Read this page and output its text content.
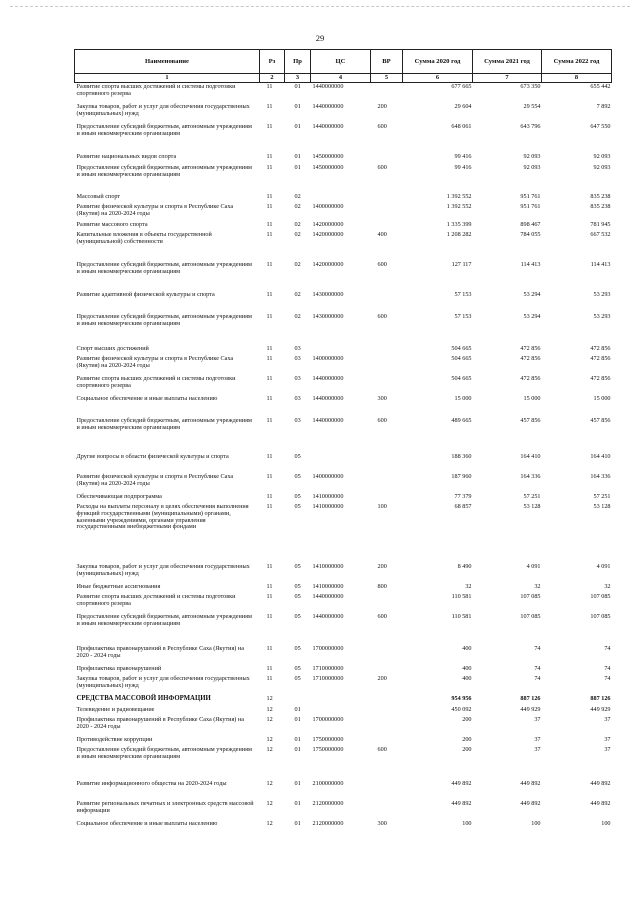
29
Наименование	Рз	Пр	ЦС	ВР	Сумма 2020 год	Сумма 2021 год	Сумма 2022 год
1	2	3	4	5	6	7	8
Развитие спорта высших достижений и системы подготовки спортивного резерва	11	01	1440000000		677 665	673 350	655 442
Закупка товаров, работ и услуг для обеспечения государственных (муниципальных) нужд	11	01	1440000000	200	29 604	29 554	7 892
Предоставление субсидий бюджетным, автономным учреждениям и иным некоммерческим организациям	11	01	1440000000	600	648 061	643 796	647 550
Развитие национальных видов спорта	11	01	1450000000		99 416	92 093	92 093
Предоставление субсидий бюджетным, автономным учреждениям и иным некоммерческим организациям	11	01	1450000000	600	99 416	92 093	92 093
Массовый спорт	11	02			1 392 552	951 761	835 238
Развитие физической культуры и спорта в Республике Саха (Якутия) на 2020-2024 годы	11	02	1400000000		1 392 552	951 761	835 238
Развитие массового спорта	11	02	1420000000		1 335 399	898 467	781 945
Капитальные вложения в объекты государственной (муниципальной) собственности	11	02	1420000000	400	1 208 282	784 055	667 532
Предоставление субсидий бюджетным, автономным учреждениям и иным некоммерческим организациям	11	02	1420000000	600	127 117	114 413	114 413
Развитие адаптивной физической культуры и спорта	11	02	1430000000		57 153	53 294	53 293
Предоставление субсидий бюджетным, автономным учреждениям и иным некоммерческим организациям	11	02	1430000000	600	57 153	53 294	53 293
Спорт высших достижений	11	03			504 665	472 856	472 856
Развитие физической культуры и спорта в Республике Саха (Якутия) на 2020-2024 годы	11	03	1400000000		504 665	472 856	472 856
Развитие спорта высших достижений и системы подготовки спортивного резерва	11	03	1440000000		504 665	472 856	472 856
Социальное обеспечение и иные выплаты населению	11	03	1440000000	300	15 000	15 000	15 000
Предоставление субсидий бюджетным, автономным учреждениям и иным некоммерческим организациям	11	03	1440000000	600	489 665	457 856	457 856
Другие вопросы в области физической культуры и спорта	11	05			188 360	164 410	164 410
Развитие физической культуры и спорта в Республике Саха (Якутия) на 2020-2024 годы	11	05	1400000000		187 960	164 336	164 336
Обеспечивающая подпрограмма	11	05	1410000000		77 379	57 251	57 251
Расходы на выплаты персоналу в целях обеспечения выполнения функций государственными (муниципальными) органами, казенными учреждениями, органами управления государственными внебюджетными фондами	11	05	1410000000	100	68 857	53 128	53 128
Закупка товаров, работ и услуг для обеспечения государственных (муниципальных) нужд	11	05	1410000000	200	8 490	4 091	4 091
Иные бюджетные ассигнования	11	05	1410000000	800	32	32	32
Развитие спорта высших достижений и системы подготовки спортивного резерва	11	05	1440000000		110 581	107 085	107 085
Предоставление субсидий бюджетным, автономным учреждениям и иным некоммерческим организациям	11	05	1440000000	600	110 581	107 085	107 085
Профилактика правонарушений в Республике Саха (Якутия) на 2020 - 2024 годы	11	05	1700000000		400	74	74
Профилактика правонарушений	11	05	1710000000		400	74	74
Закупка товаров, работ и услуг для обеспечения государственных (муниципальных) нужд	11	05	1710000000	200	400	74	74
СРЕДСТВА МАССОВОЙ ИНФОРМАЦИИ	12				954 956	887 126	887 126
Телевидение и радиовещание	12	01			450 092	449 929	449 929
Профилактика правонарушений в Республике Саха (Якутия) на 2020 - 2024 годы	12	01	1700000000		200	37	37
Противодействие коррупции	12	01	1750000000		200	37	37
Предоставление субсидий бюджетным, автономным учреждениям и иным некоммерческим организациям	12	01	1750000000	600	200	37	37
Развитие информационного общества на 2020-2024 годы	12	01	2100000000		449 892	449 892	449 892
Развитие региональных печатных и электронных средств массовой информации	12	01	2120000000		449 892	449 892	449 892
Социальное обеспечение и иные выплаты населению	12	01	2120000000	300	100	100	100
